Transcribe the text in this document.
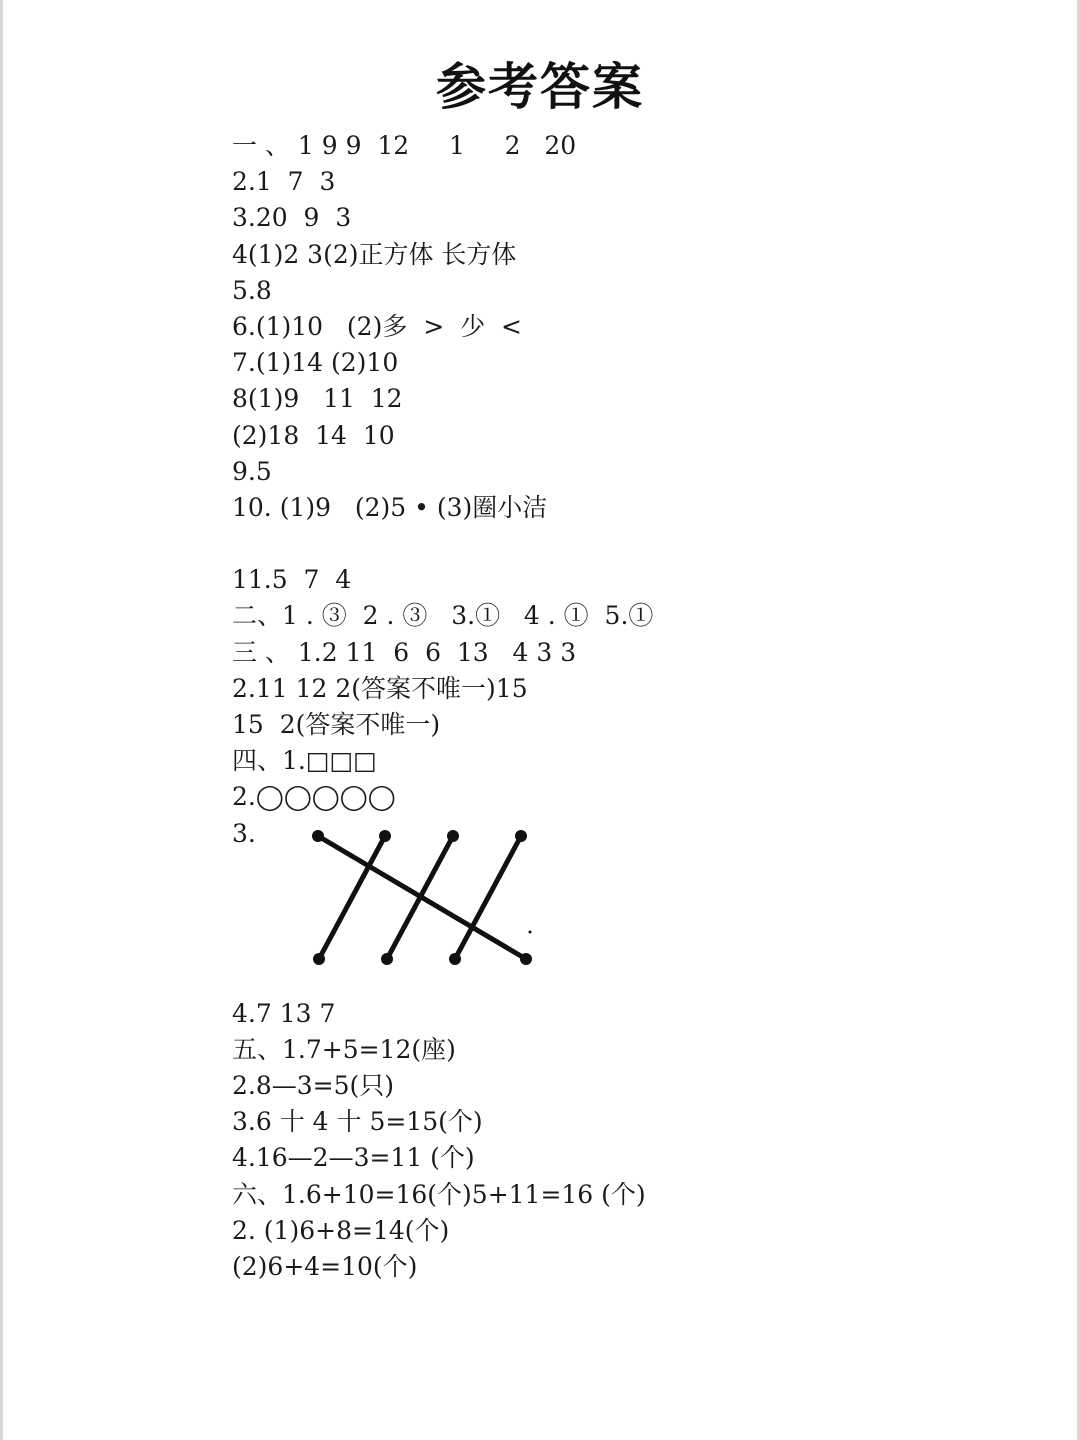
参考答案
一 、 1 9 9  12     1     2   20
2.1  7  3
3.20  9  3
4(1)2 3(2)正方体 长方体
5.8
6.(1)10   (2)多  >  少  <
7.(1)14 (2)10
8(1)9   11  12
(2)18  14  10
9.5
10. (1)9   (2)5 • (3)圈小洁
11.5  7  4
二、1 . ③  2 . ③   3.①   4 . ①  5.①
三 、 1.2 11  6  6  13   4 3 3
2.11 12 2(答案不唯一)15
15  2(答案不唯一)
四、1.□□□
2.◯◯◯◯◯
3.
4.7 13 7
五、1.7+5=12(座)
2.8—3=5(只)
3.6 十 4 十 5=15(个)
4.16—2—3=11 (个)
六、1.6+10=16(个)5+11=16 (个)
2. (1)6+8=14(个)
(2)6+4=10(个)
